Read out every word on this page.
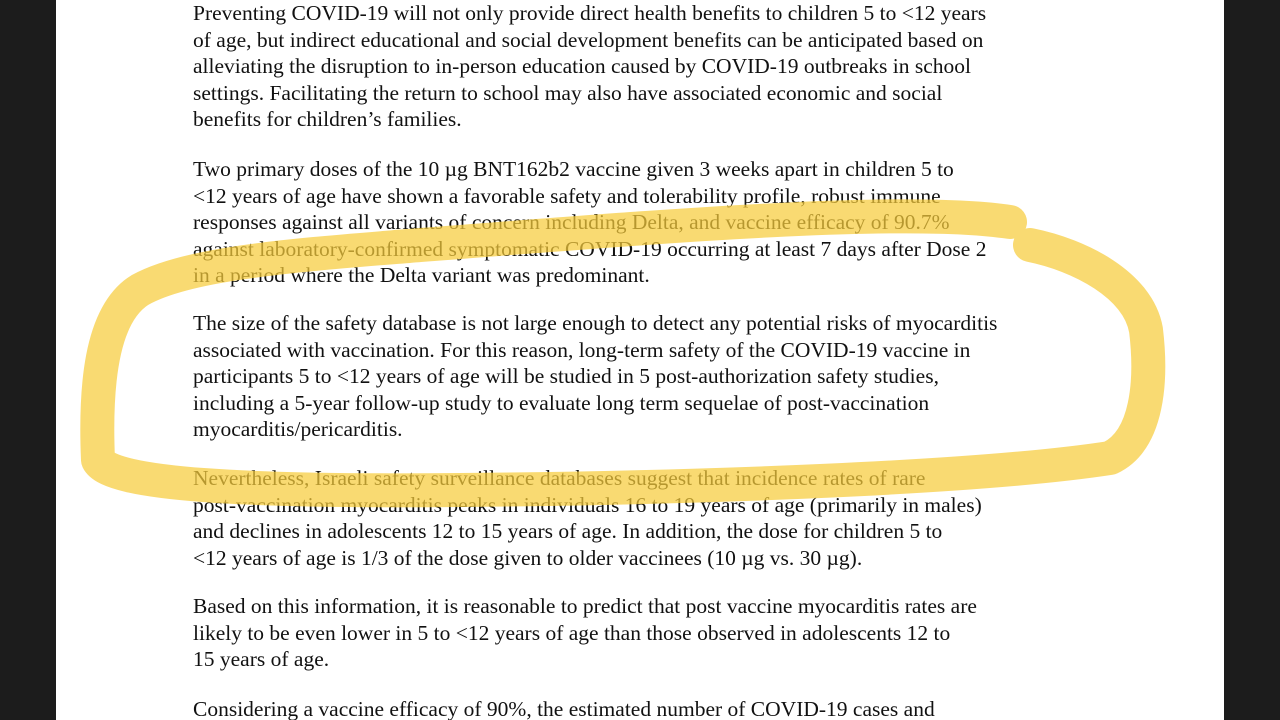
Preventing COVID-19 will not only provide direct health benefits to children 5 to <12 years
of age, but indirect educational and social development benefits can be anticipated based on
alleviating the disruption to in-person education caused by COVID-19 outbreaks in school
settings. Facilitating the return to school may also have associated economic and social
benefits for children’s families.

Two primary doses of the 10 µg BNT162b2 vaccine given 3 weeks apart in children 5 to
<12 years of age have shown a favorable safety and tolerability profile, robust immune
responses against all variants of concern including Delta, and vaccine efficacy of 90.7%
against laboratory-confirmed symptomatic COVID-19 occurring at least 7 days after Dose 2
in a period where the Delta variant was predominant.

The size of the safety database is not large enough to detect any potential risks of myocarditis
associated with vaccination. For this reason, long-term safety of the COVID-19 vaccine in
participants 5 to <12 years of age will be studied in 5 post-authorization safety studies,
including a 5-year follow-up study to evaluate long term sequelae of post-vaccination
myocarditis/pericarditis.

Nevertheless, Israeli safety surveillance databases suggest that incidence rates of rare
post-vaccination myocarditis peaks in individuals 16 to 19 years of age (primarily in males)
and declines in adolescents 12 to 15 years of age. In addition, the dose for children 5 to
<12 years of age is 1/3 of the dose given to older vaccinees (10 µg vs. 30 µg).

Based on this information, it is reasonable to predict that post vaccine myocarditis rates are
likely to be even lower in 5 to <12 years of age than those observed in adolescents 12 to
15 years of age.

Considering a vaccine efficacy of 90%, the estimated number of COVID-19 cases and
